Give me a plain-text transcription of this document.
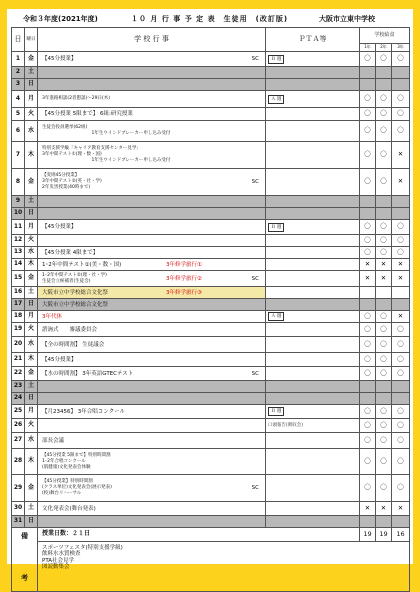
令和３年度(2021年度)	１０ 月 行 事 予 定 表　生徒用　(改訂版)	大阪市立東中学校
日	曜日	学 校 行 事	ＰＴＡ等	学校給食		
				1年	2年	3年
1	金	【45分授業】 SC	Ｂ 週	〇	〇	〇
2	土					
3	日					
4	月	3年進路相談(2者懇談)～29日(木)	Ａ 週	〇	〇	〇
5	火	【45分授業 5限まで】 6組:研究授業		〇	〇	〇
6	水	生徒会役員選挙(62組)
　　　　　　　　　　　1年生ウインドブレーカー申し込み受付		〇	〇	〇
7	木	特別支援学級「キャリア教育支援センター見学」
3年中間テスト①(理・数・国)
　　　　　　　　　　　1年生ウインドブレーカー申し込み受付		〇	〇	✕
8	金	【変則45分授業】
3年中間テスト②(英・社・学)
2年災害授業(40時まで)
SC		〇	〇	✕
9	土					
10	日					
11	月	【45分授業】	Ｂ 週	〇	〇	〇
12	火			〇	〇	〇
13	水	【45分授業 4限まで】		〇	〇	〇
14	木	1･2年中間テスト①(美・数・国) 3年修学旅行①		✕	✕	✕
15	金	1･2年中間テスト②(理・社・学)
生徒会立候補者(生徒会) 3年修学旅行② SC		✕	✕	✕
16	土	大阪市立中学校総合文化祭 3年修学旅行③				

17	日	大阪市立中学校総合文化祭				

18	月	3年代休	Ａ 週	〇	〇	✕
19	火	諮詢式　　審議委員会		〇	〇	〇
20	水	【全の時間割】 生徒議会		〇	〇	〇
21	木	【45分授業】		〇	〇	〇
22	金	【水の時間割】 3年英語GTECテスト SC		〇	〇	〇
23	土					
24	日					
25	月	【月23456】 3年合唱コンクール	Ｂ 週	〇	〇	〇
26	火		口頭報告(徴収会)	〇	〇	〇
27	水	部長会議		〇	〇	〇
28	木	【45分授業 5限まで】特別時間割
1･2年合唱コンクール
(肌健康)文化発表会体験		〇	〇	〇
29	金	【45分授業】特別時間割
(クラス単位)文化発表会(展示発表)
(校)舞台リハーサル
SC		〇	〇	〇
30	土	文化発表会(舞台発表)		✕	✕	✕
31	日					

備
考		授業日数：２１日		19	19	16

		スポーツフェスタ(特別支援学級)
飲料水水質検査
PTA社会見学
図読動集会				
